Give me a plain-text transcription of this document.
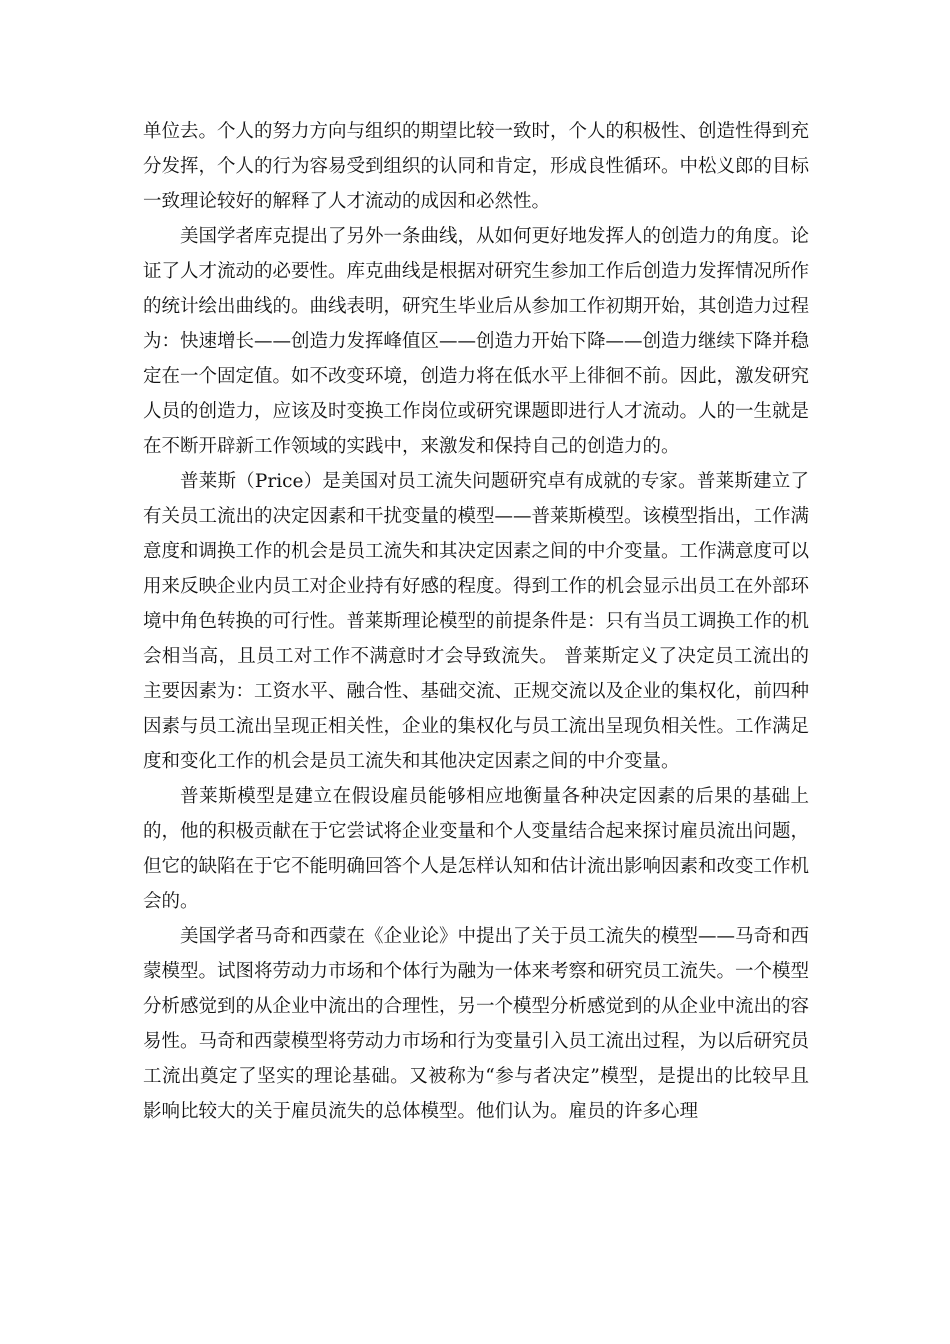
单位去。个人的努力方向与组织的期望比较一致时，个人的积极性、创造性得到充分发挥，个人的行为容易受到组织的认同和肯定，形成良性循环。中松义郎的目标一致理论较好的解释了人才流动的成因和必然性。

美国学者库克提出了另外一条曲线，从如何更好地发挥人的创造力的角度。论证了人才流动的必要性。库克曲线是根据对研究生参加工作后创造力发挥情况所作的统计绘出曲线的。曲线表明，研究生毕业后从参加工作初期开始，其创造力过程为：快速增长——创造力发挥峰值区——创造力开始下降——创造力继续下降并稳定在一个固定值。如不改变环境，创造力将在低水平上徘徊不前。因此，激发研究人员的创造力，应该及时变换工作岗位或研究课题即进行人才流动。人的一生就是在不断开辟新工作领域的实践中，来激发和保持自己的创造力的。

普莱斯（Price）是美国对员工流失问题研究卓有成就的专家。普莱斯建立了有关员工流出的决定因素和干扰变量的模型——普莱斯模型。该模型指出，工作满意度和调换工作的机会是员工流失和其决定因素之间的中介变量。工作满意度可以用来反映企业内员工对企业持有好感的程度。得到工作的机会显示出员工在外部环境中角色转换的可行性。普莱斯理论模型的前提条件是：只有当员工调换工作的机会相当高，且员工对工作不满意时才会导致流失。 普莱斯定义了决定员工流出的主要因素为：工资水平、融合性、基础交流、正规交流以及企业的集权化，前四种因素与员工流出呈现正相关性，企业的集权化与员工流出呈现负相关性。工作满足度和变化工作的机会是员工流失和其他决定因素之间的中介变量。

普莱斯模型是建立在假设雇员能够相应地衡量各种决定因素的后果的基础上的，他的积极贡献在于它尝试将企业变量和个人变量结合起来探讨雇员流出问题，但它的缺陷在于它不能明确回答个人是怎样认知和估计流出影响因素和改变工作机会的。

美国学者马奇和西蒙在《企业论》中提出了关于员工流失的模型——马奇和西蒙模型。试图将劳动力市场和个体行为融为一体来考察和研究员工流失。一个模型分析感觉到的从企业中流出的合理性，另一个模型分析感觉到的从企业中流出的容易性。马奇和西蒙模型将劳动力市场和行为变量引入员工流出过程，为以后研究员工流出奠定了坚实的理论基础。又被称为“参与者决定”模型，是提出的比较早且影响比较大的关于雇员流失的总体模型。他们认为。雇员的许多心理
